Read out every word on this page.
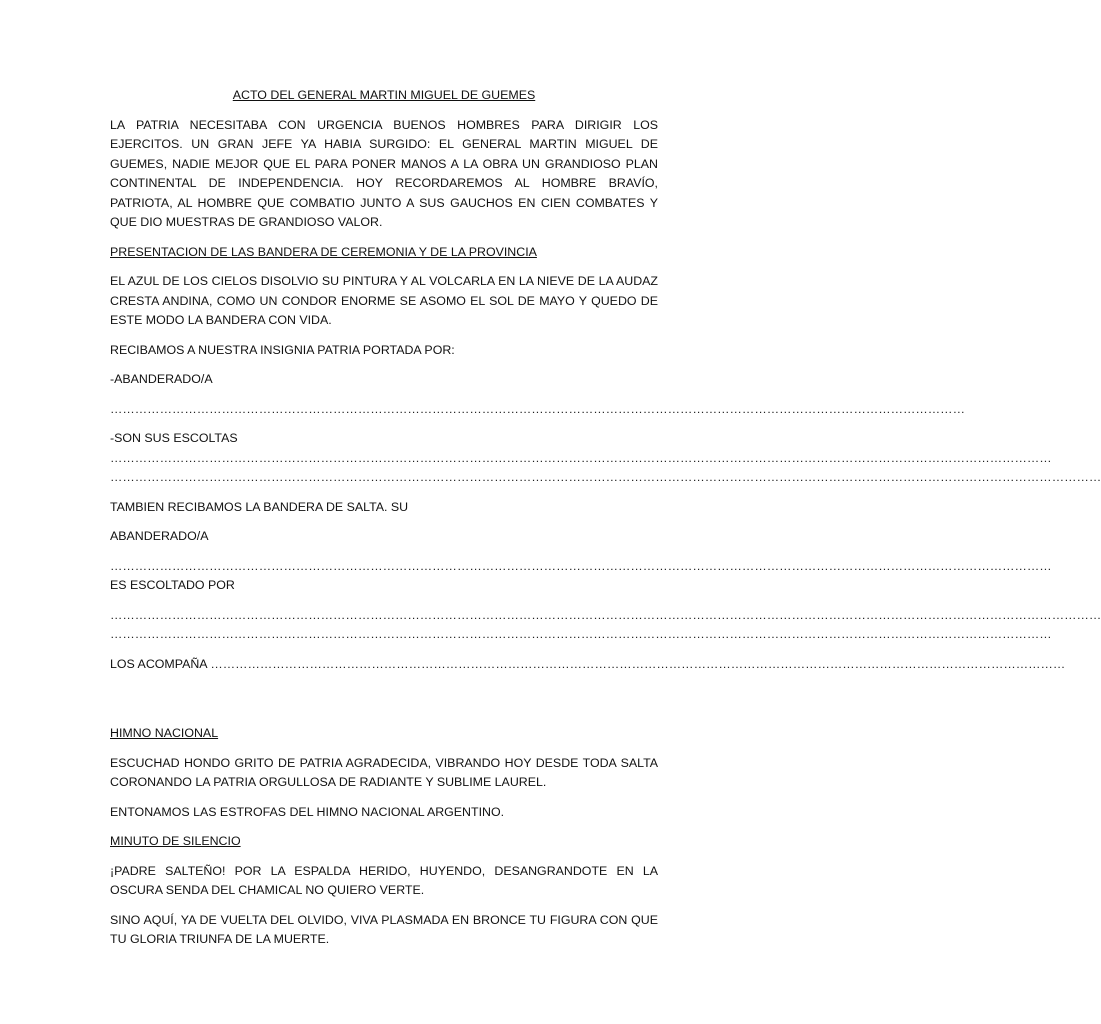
ACTO DEL GENERAL MARTIN MIGUEL DE GUEMES
LA PATRIA NECESITABA CON URGENCIA BUENOS HOMBRES PARA DIRIGIR LOS EJERCITOS. UN GRAN JEFE YA HABIA SURGIDO: EL GENERAL MARTIN MIGUEL DE GUEMES, NADIE MEJOR QUE EL PARA PONER MANOS A LA OBRA UN GRANDIOSO PLAN CONTINENTAL DE INDEPENDENCIA. HOY RECORDAREMOS AL HOMBRE BRAVÍO, PATRIOTA, AL HOMBRE QUE COMBATIO JUNTO A SUS GAUCHOS EN CIEN COMBATES Y QUE DIO MUESTRAS DE GRANDIOSO VALOR.
PRESENTACION DE LAS BANDERA DE CEREMONIA Y DE LA PROVINCIA
EL AZUL DE LOS CIELOS DISOLVIO SU PINTURA Y AL VOLCARLA EN LA NIEVE DE LA AUDAZ CRESTA ANDINA, COMO UN CONDOR ENORME SE ASOMO EL SOL DE MAYO Y QUEDO DE ESTE MODO LA BANDERA CON VIDA.
RECIBAMOS A NUESTRA INSIGNIA PATRIA PORTADA POR:
-ABANDERADO/A
………………………………………………………………………………………………………………………………………………………………………………………
-SON SUS ESCOLTAS
…………………………………………………………………………………………………………………………………………………………………………………………………………
……………………………………………………………………………………………………………………………………………………………………………………………………………………
TAMBIEN RECIBAMOS LA BANDERA DE SALTA. SU
ABANDERADO/A
…………………………………………………………………………………………………………………………………………………………………………………………………………
ES ESCOLTADO POR
……………………………………………………………………………………………………………………………………………………………………………………………………………………
…………………………………………………………………………………………………………………………………………………………………………………………………………
LOS ACOMPAÑA ………………………………………………………………………………………………………………………………………………………………………………………
HIMNO NACIONAL
ESCUCHAD HONDO GRITO DE PATRIA AGRADECIDA, VIBRANDO HOY DESDE TODA SALTA CORONANDO LA PATRIA ORGULLOSA DE RADIANTE Y SUBLIME LAUREL.
ENTONAMOS LAS ESTROFAS DEL HIMNO NACIONAL ARGENTINO.
MINUTO DE SILENCIO
¡PADRE SALTEÑO! POR LA ESPALDA HERIDO, HUYENDO, DESANGRANDOTE EN LA OSCURA SENDA DEL CHAMICAL NO QUIERO VERTE.
SINO AQUÍ, YA DE VUELTA DEL OLVIDO, VIVA PLASMADA EN BRONCE TU FIGURA CON QUE TU GLORIA TRIUNFA DE LA MUERTE.
